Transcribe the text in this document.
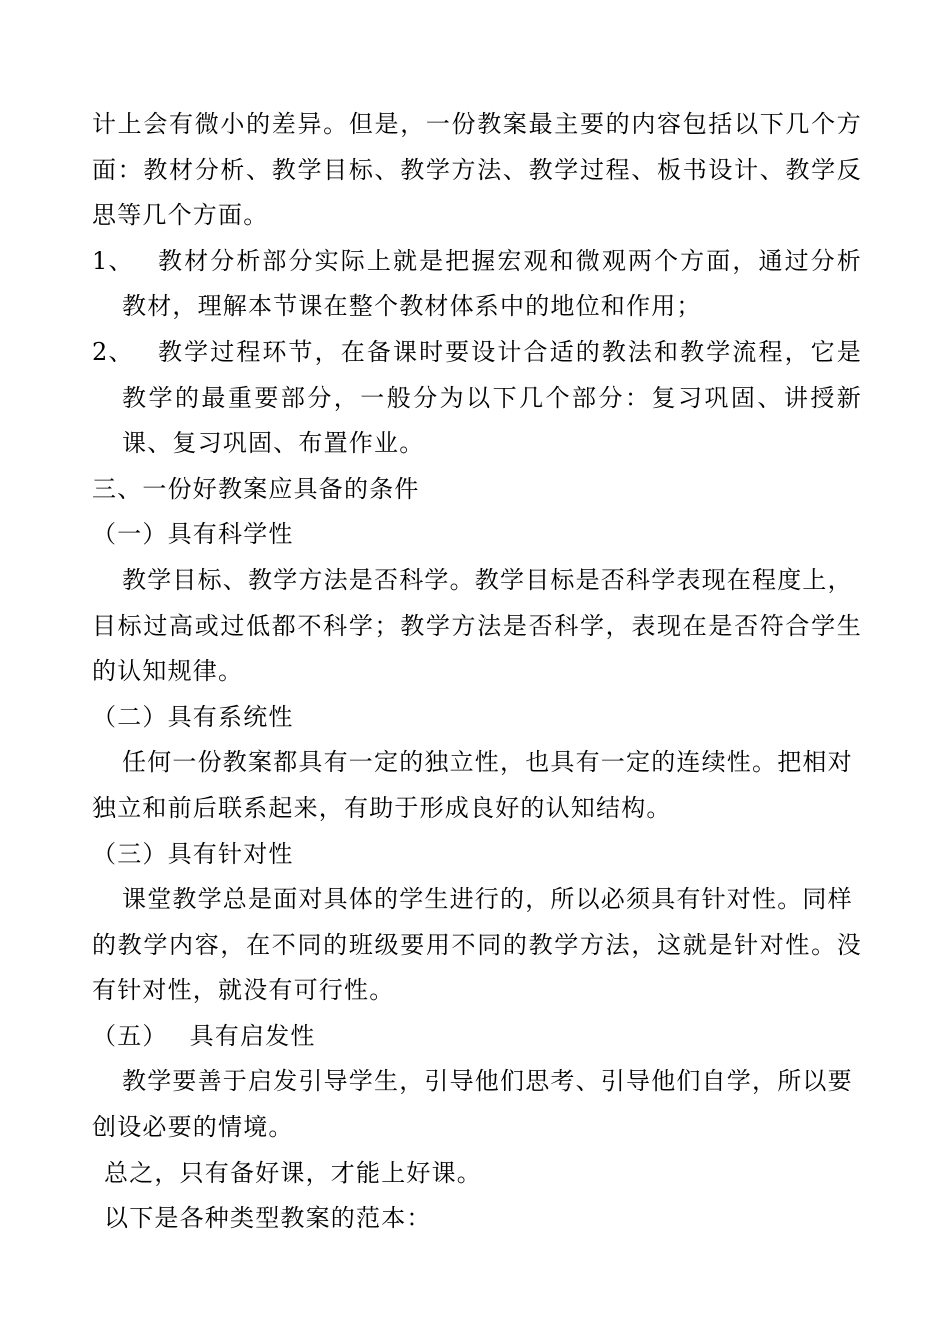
计上会有微小的差异。但是，一份教案最主要的内容包括以下几个方
面：教材分析、教学目标、教学方法、教学过程、板书设计、教学反
思等几个方面。
1、 教材分析部分实际上就是把握宏观和微观两个方面，通过分析
教材，理解本节课在整个教材体系中的地位和作用；
2、 教学过程环节，在备课时要设计合适的教法和教学流程，它是
教学的最重要部分，一般分为以下几个部分：复习巩固、讲授新
课、复习巩固、布置作业。
三、一份好教案应具备的条件
（一）具有科学性
教学目标、教学方法是否科学。教学目标是否科学表现在程度上，
目标过高或过低都不科学；教学方法是否科学，表现在是否符合学生
的认知规律。
（二）具有系统性
任何一份教案都具有一定的独立性，也具有一定的连续性。把相对
独立和前后联系起来，有助于形成良好的认知结构。
（三）具有针对性
课堂教学总是面对具体的学生进行的，所以必须具有针对性。同样
的教学内容，在不同的班级要用不同的教学方法，这就是针对性。没
有针对性，就没有可行性。
（五） 具有启发性
教学要善于启发引导学生，引导他们思考、引导他们自学，所以要
创设必要的情境。
总之，只有备好课，才能上好课。
以下是各种类型教案的范本：
